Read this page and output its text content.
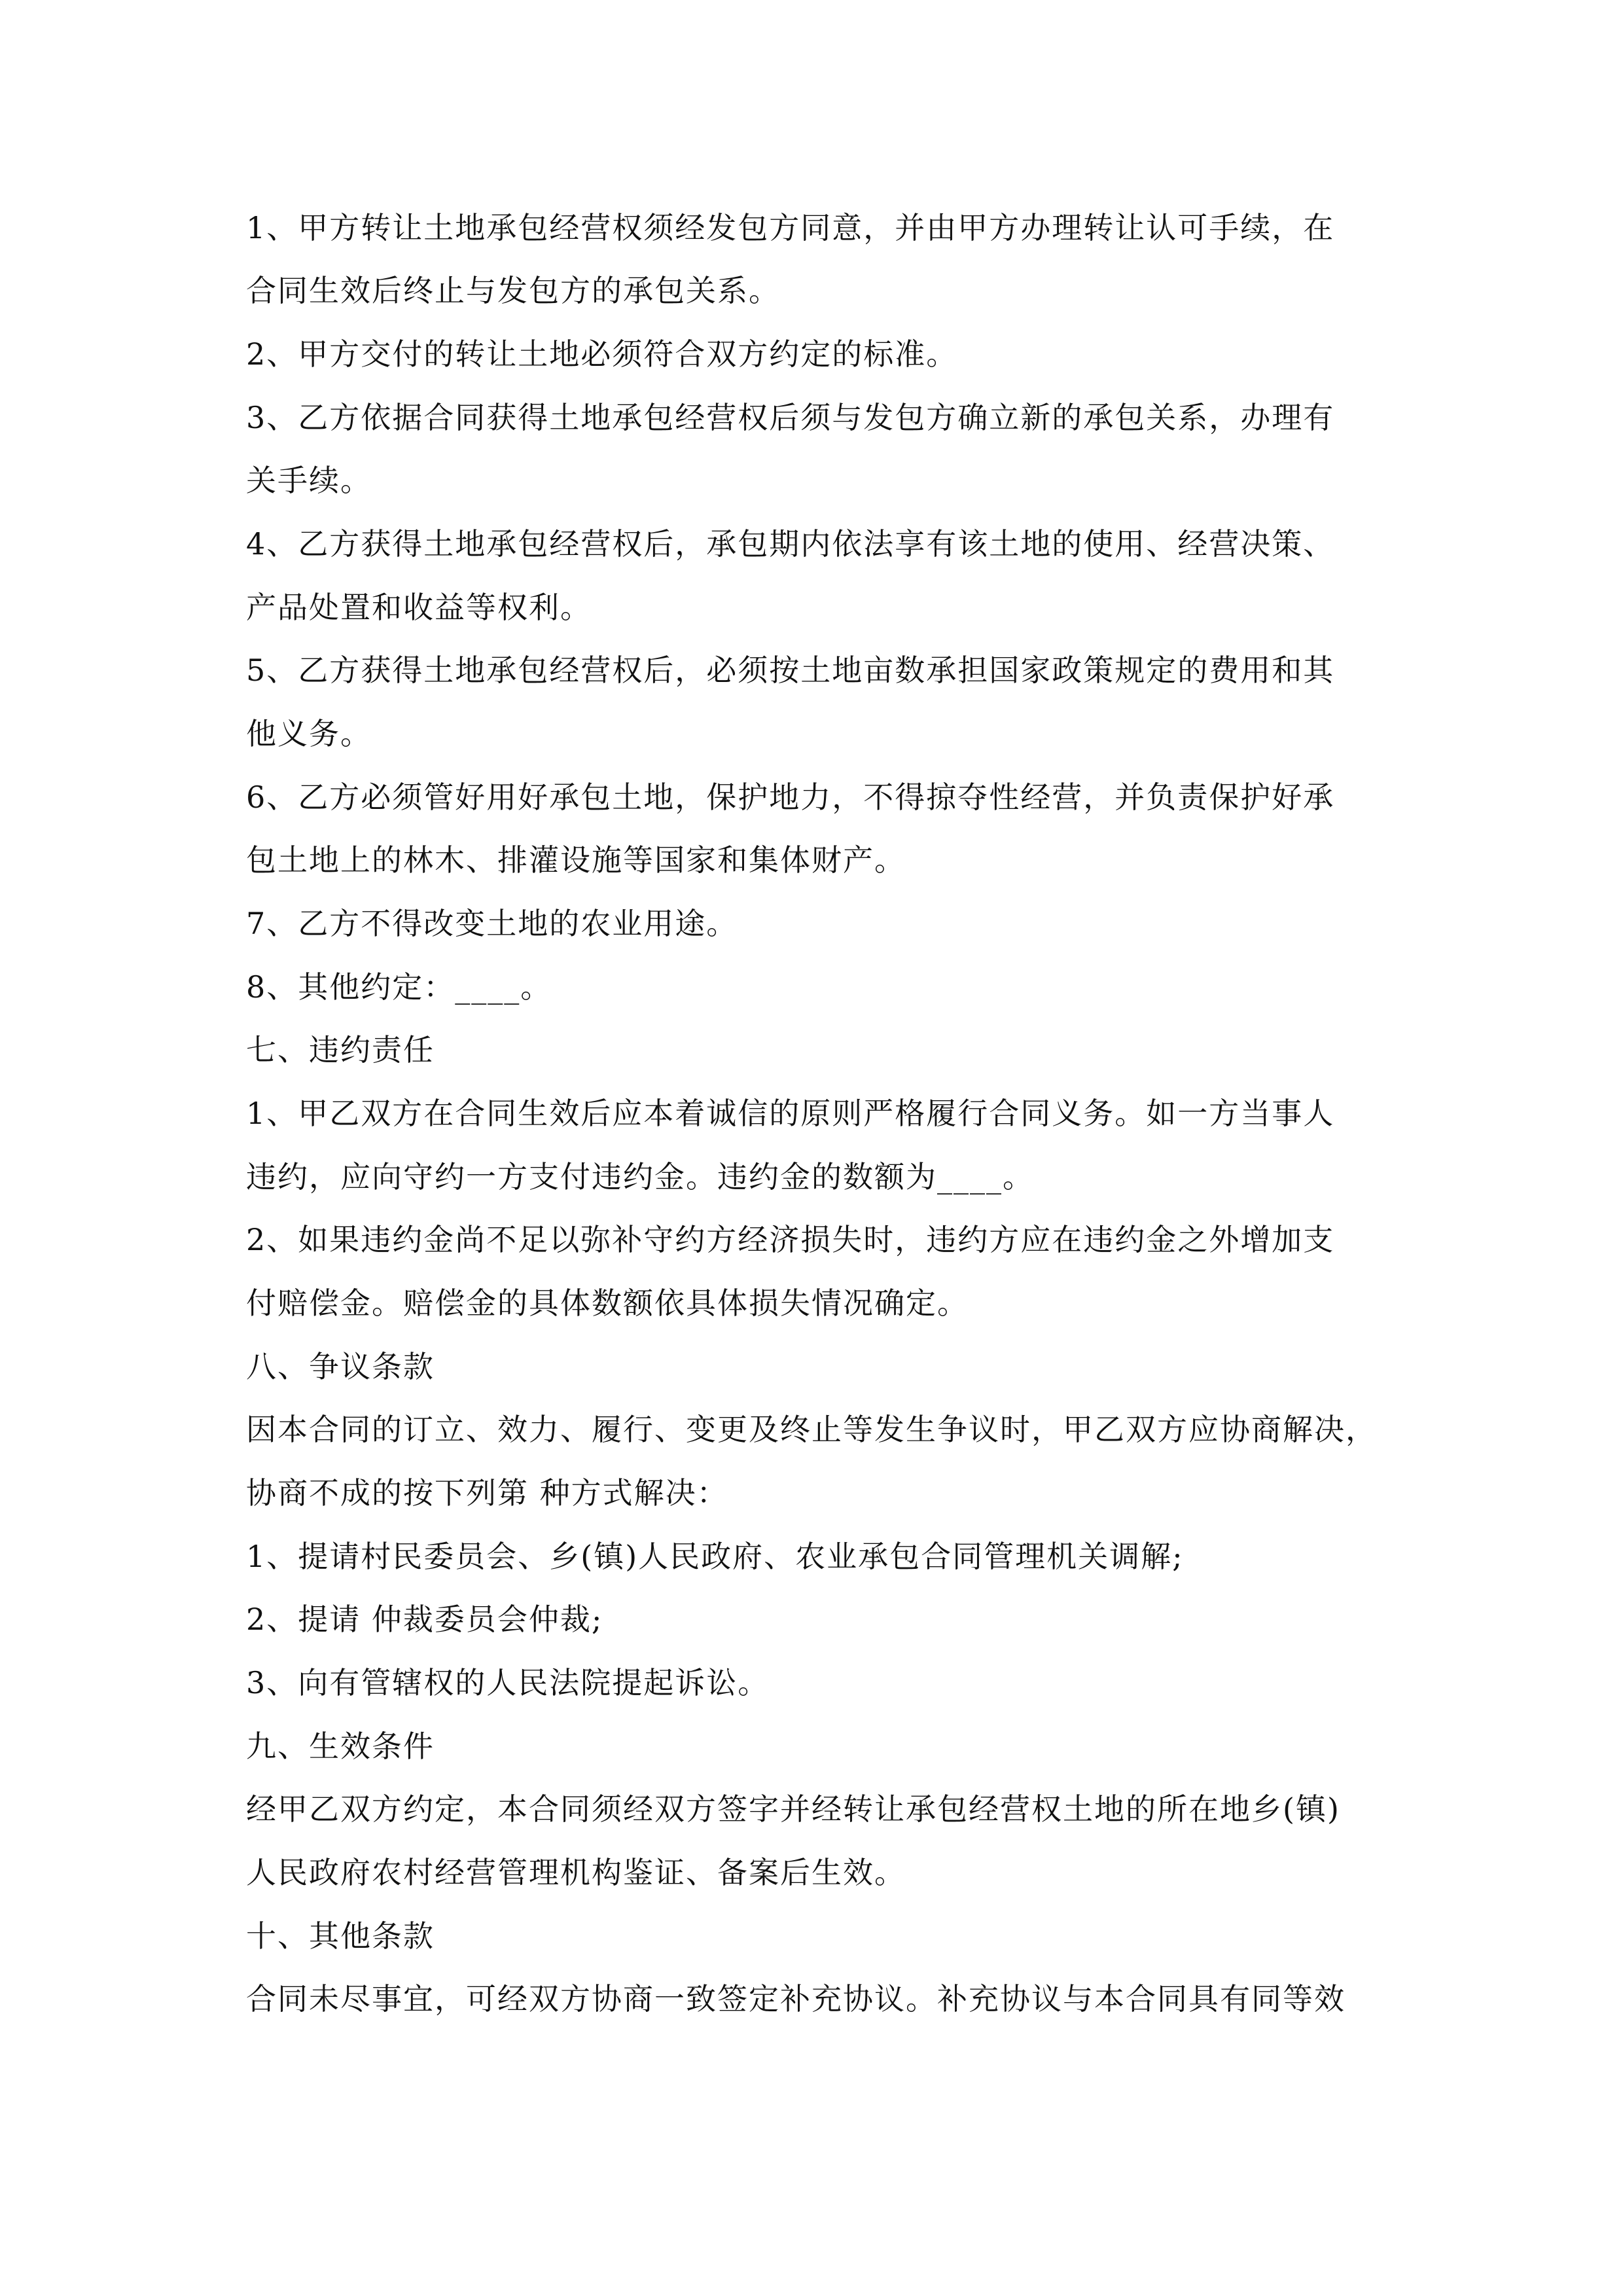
1、甲方转让土地承包经营权须经发包方同意，并由甲方办理转让认可手续，在
合同生效后终止与发包方的承包关系。
2、甲方交付的转让土地必须符合双方约定的标准。
3、乙方依据合同获得土地承包经营权后须与发包方确立新的承包关系，办理有
关手续。
4、乙方获得土地承包经营权后，承包期内依法享有该土地的使用、经营决策、
产品处置和收益等权利。
5、乙方获得土地承包经营权后，必须按土地亩数承担国家政策规定的费用和其
他义务。
6、乙方必须管好用好承包土地，保护地力，不得掠夺性经营，并负责保护好承
包土地上的林木、排灌设施等国家和集体财产。
7、乙方不得改变土地的农业用途。
8、其他约定：____。
七、违约责任
1、甲乙双方在合同生效后应本着诚信的原则严格履行合同义务。如一方当事人
违约，应向守约一方支付违约金。违约金的数额为____。
2、如果违约金尚不足以弥补守约方经济损失时，违约方应在违约金之外增加支
付赔偿金。赔偿金的具体数额依具体损失情况确定。
八、争议条款
因本合同的订立、效力、履行、变更及终止等发生争议时，甲乙双方应协商解决，
协商不成的按下列第 种方式解决：
1、提请村民委员会、乡(镇)人民政府、农业承包合同管理机关调解;
2、提请 仲裁委员会仲裁;
3、向有管辖权的人民法院提起诉讼。
九、生效条件
经甲乙双方约定，本合同须经双方签字并经转让承包经营权土地的所在地乡(镇)
人民政府农村经营管理机构鉴证、备案后生效。
十、其他条款
合同未尽事宜，可经双方协商一致签定补充协议。补充协议与本合同具有同等效
